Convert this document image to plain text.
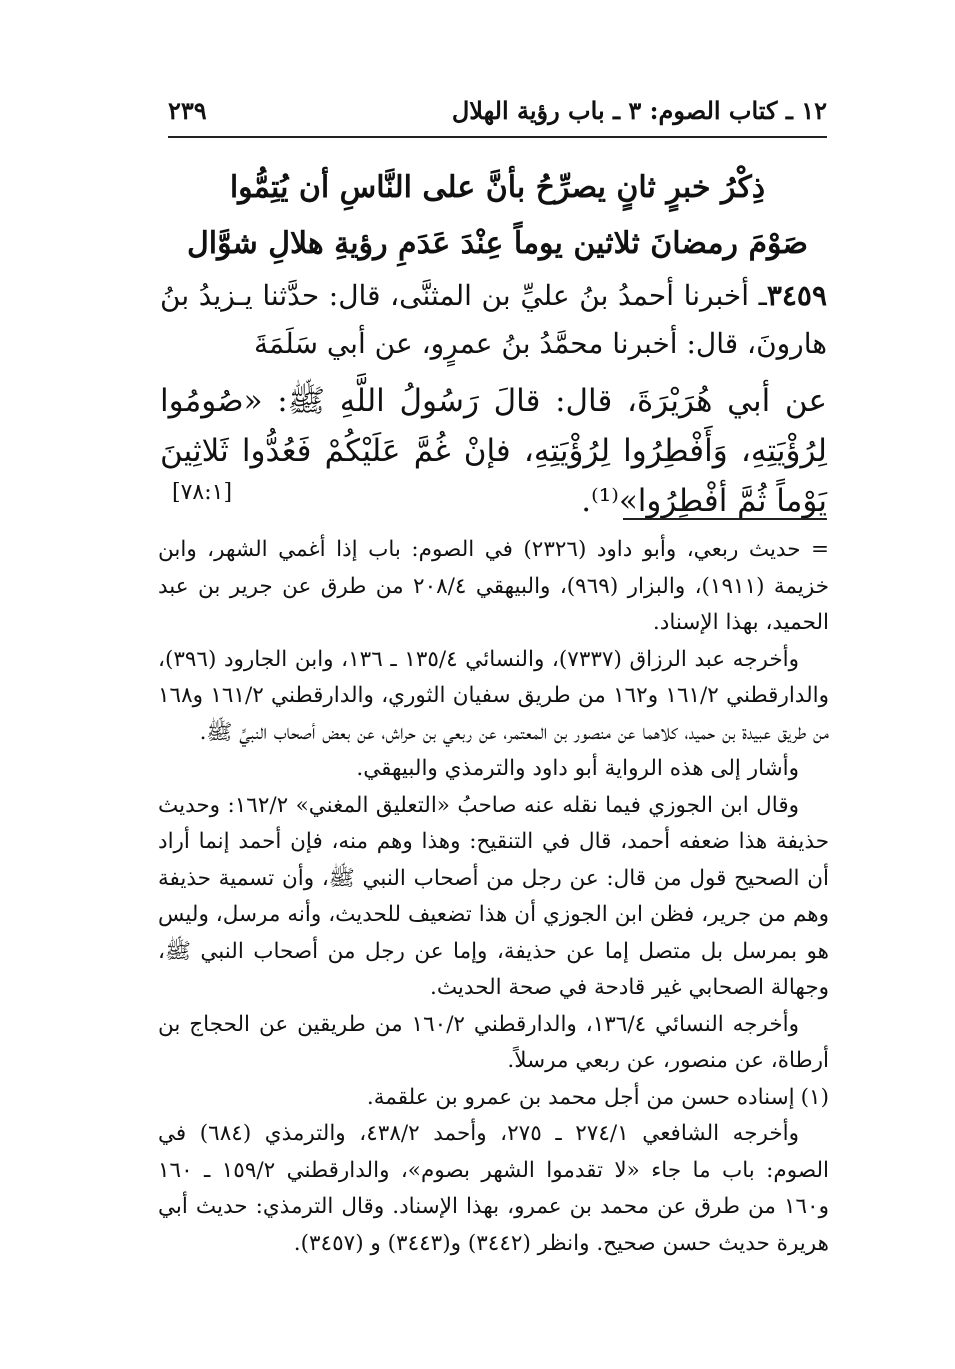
١٢ ـ كتاب الصوم: ٣ ـ باب رؤية الهلال
٢٣٩
ذِكْرُ خبرٍ ثانٍ يصرِّحُ بأنَّ على النَّاسِ أن يُتِمُّوا
صَوْمَ رمضانَ ثلاثين يوماً عِنْدَ عَدَمِ رؤيةِ هلالِ شوَّال
٣٤٥٩ـ أخبرنا أحمدُ بنُ عليِّ بن المثنَّى، قال: حدَّثنا يـزيدُ بنُ هارونَ، قال: أخبرنا محمَّدُ بنُ عمرٍو، عن أبي سَلَمَةَ
عن أبي هُرَيْرَةَ، قال: قالَ رَسُولُ اللَّهِ ﷺ: «صُومُوا لِرُؤْيَتِهِ، وَأَفْطِرُوا لِرُؤْيَتِهِ، فإنْ غُمَّ عَلَيْكُمْ فَعُدُّوا ثَلاثِينَ يَوْماً ثُمَّ أفْطِرُوا»⁽¹⁾.
[٧٨:١]

= حديث ربعي، وأبو داود (٢٣٢٦) في الصوم: باب إذا أغمي الشهر، وابن خزيمة (١٩١١)، والبزار (٩٦٩)، والبيهقي ٢٠٨/٤ من طرق عن جرير بن عبد الحميد، بهذا الإسناد.

وأخرجه عبد الرزاق (٧٣٣٧)، والنسائي ١٣٥/٤ ـ ١٣٦، وابن الجارود (٣٩٦)، والدارقطني ١٦١/٢ و١٦٢ من طريق سفيان الثوري، والدارقطني ١٦١/٢ و١٦٨ من طريق عبيدة بن حميد، كلاهما عن منصور بن المعتمر، عن ربعي بن حراش، عن بعض أصحاب النبيِّ ﷺ.

وأشار إلى هذه الرواية أبو داود والترمذي والبيهقي.

وقال ابن الجوزي فيما نقله عنه صاحبُ «التعليق المغني» ١٦٢/٢: وحديث حذيفة هذا ضعفه أحمد، قال في التنقيح: وهذا وهم منه، فإن أحمد إنما أراد أن الصحيح قول من قال: عن رجل من أصحاب النبي ﷺ، وأن تسمية حذيفة وهم من جرير، فظن ابن الجوزي أن هذا تضعيف للحديث، وأنه مرسل، وليس هو بمرسل بل متصل إما عن حذيفة، وإما عن رجل من أصحاب النبي ﷺ، وجهالة الصحابي غير قادحة في صحة الحديث.

وأخرجه النسائي ١٣٦/٤، والدارقطني ١٦٠/٢ من طريقين عن الحجاج بن أرطاة، عن منصور، عن ربعي مرسلاً.

(١)إسناده حسن من أجل محمد بن عمرو بن علقمة.

وأخرجه الشافعي ٢٧٤/١ ـ ٢٧٥، وأحمد ٤٣٨/٢، والترمذي (٦٨٤) في الصوم: باب ما جاء «لا تقدموا الشهر بصوم»، والدارقطني ١٥٩/٢ ـ ١٦٠ و١٦٠ من طرق عن محمد بن عمرو، بهذا الإسناد. وقال الترمذي: حديث أبي هريرة حديث حسن صحيح. وانظر (٣٤٤٢) و(٣٤٤٣) و (٣٤٥٧).
